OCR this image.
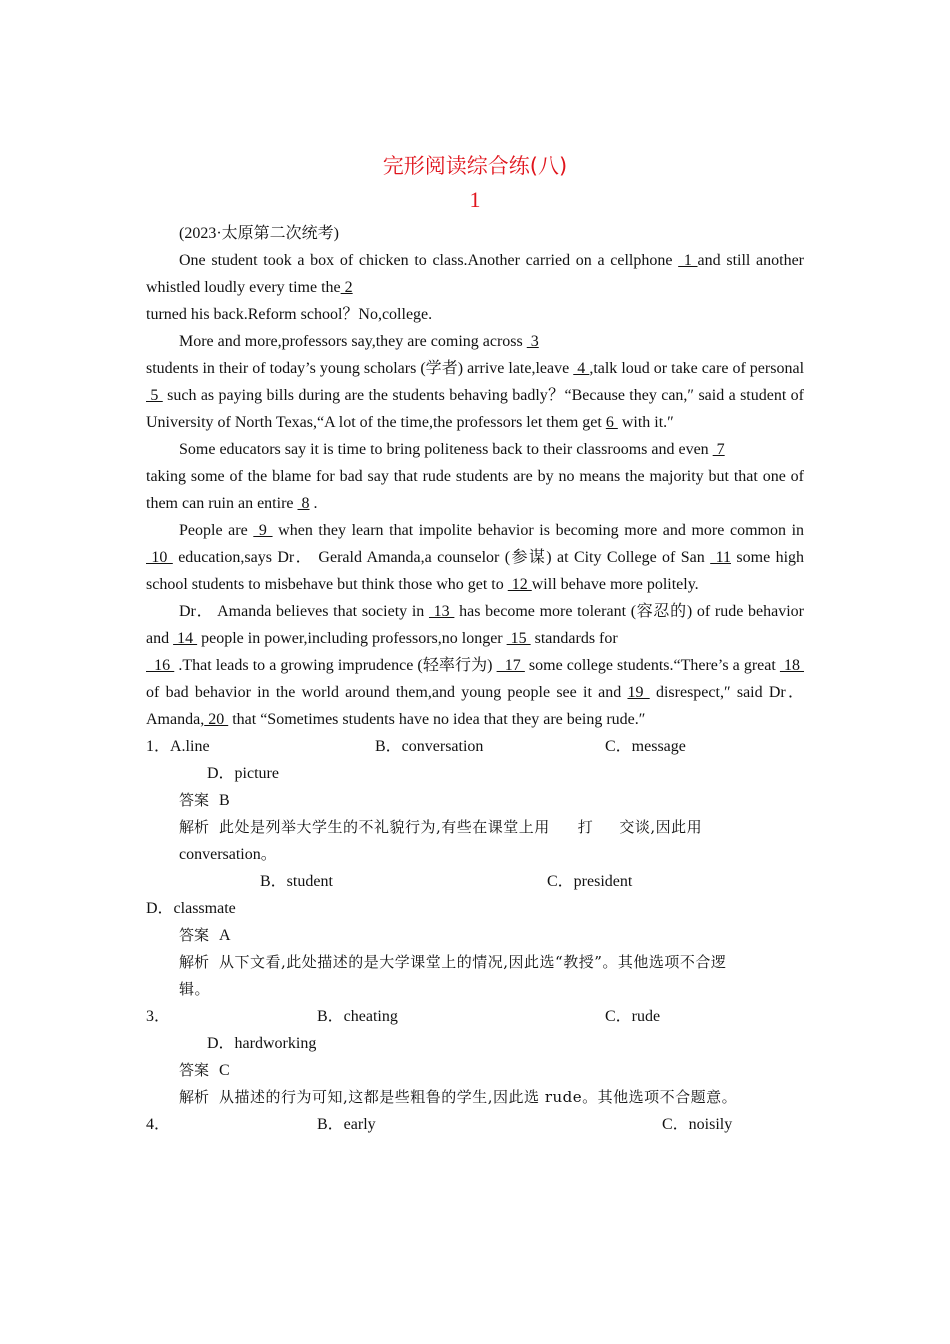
完形阅读综合练(八)
1

(2023·太原第二次统考)

One student took a box of chicken to class.Another carried on a cellphone  1 and still another whistled loudly every time the 2

turned his back.Reform school？No,college.

More and more,professors say,they are coming across  3

students in their of today’s young scholars (学者) arrive late,leave  4 ,talk loud or take care of personal  5  such as paying bills during are the students behaving badly？“Because they can,″ said a student of University of North Texas,“A lot of the time,the professors let them get 6  with it.″

Some educators say it is time to bring politeness back to their classrooms and even  7

taking some of the blame for bad say that rude students are by no means the majority but that one of them can ruin an entire  8 .

People are  9  when they learn that impolite behavior is becoming more and more common in  10  education,says Dr． Gerald Amanda,a counselor (参谋) at City College of San  11 some high school students to misbehave but think those who get to  12 will behave more politely.

Dr． Amanda believes that society in  13  has become more tolerant (容忍的) of rude behavior and  14  people in power,including professors,no longer  15  standards for

16  .That leads to a growing imprudence (轻率行为)   17  some college students.“There’s a great  18  of bad behavior in the world around them,and young people see it and 19  disrespect,″ said Dr． Amanda, 20  that “Sometimes students have no idea that they are being rude.″

1．A.line	B．conversation	C．message
D．picture

答案 B

解析 此处是列举大学生的不礼貌行为,有些在课堂上用 打 交谈,因此用

conversation。

B．student	C．president
D．classmate

答案 A

解析 从下文看,此处描述的是大学课堂上的情况,因此选“教授”。其他选项不合逻

辑。

3．	B．cheating	C．rude
D．hardworking

答案 C

解析 从描述的行为可知,这都是些粗鲁的学生,因此选 rude。其他选项不合题意。

4．	B．early	C．noisily
